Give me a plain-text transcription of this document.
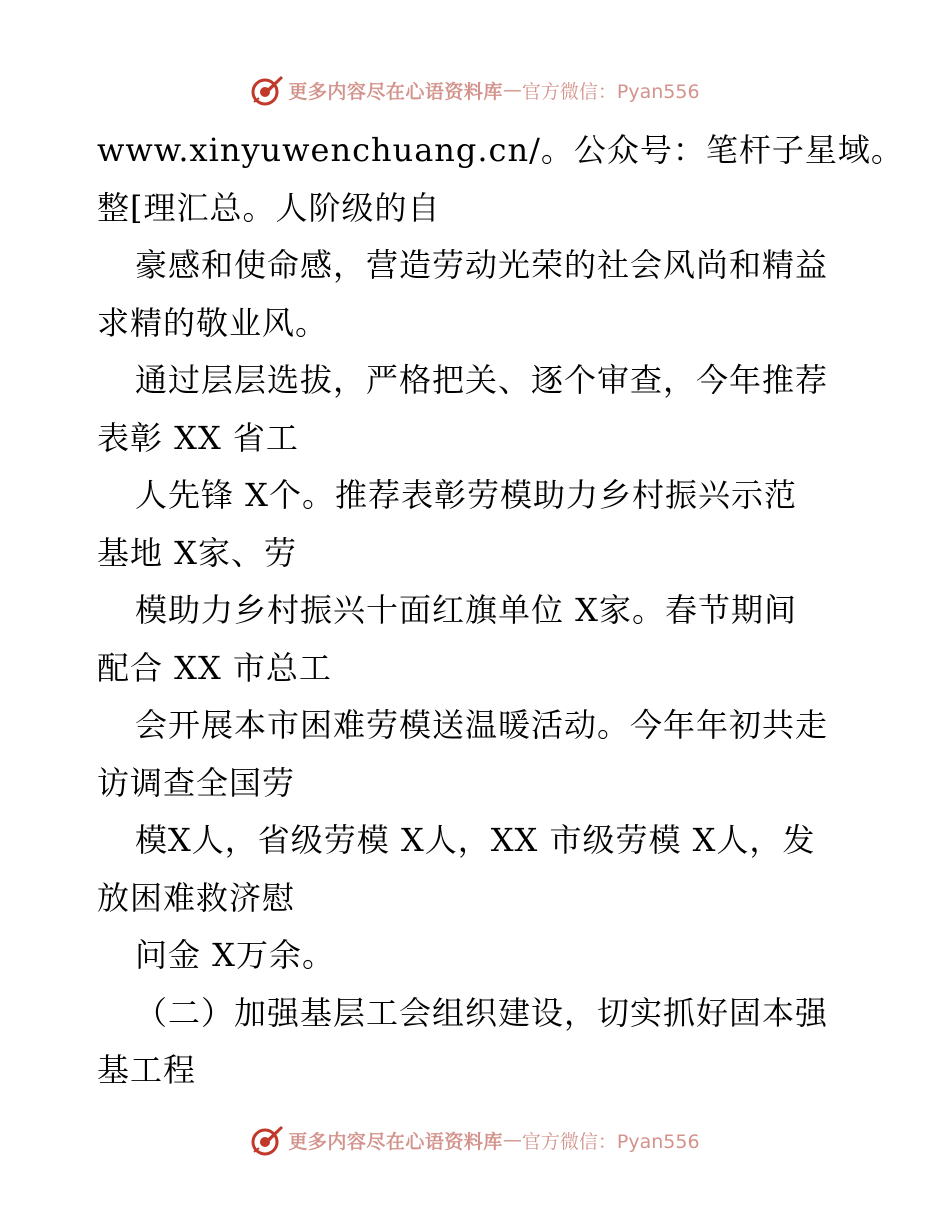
更多内容尽在心语资料库 — 官方微信：Pyan556
www.xinyuwenchuang.cn/。公众号：笔杆子星域。
整[理汇总。人阶级的自
豪感和使命感，营造劳动光荣的社会风尚和精益
求精的敬业风。
通过层层选拔，严格把关、逐个审查，今年推荐
表彰 XX 省工
人先锋 X个。推荐表彰劳模助力乡村振兴示范
基地 X家、劳
模助力乡村振兴十面红旗单位 X家。春节期间
配合 XX 市总工
会开展本市困难劳模送温暖活动。今年年初共走
访调查全国劳
模X人，省级劳模 X人，XX 市级劳模 X人，发
放困难救济慰
问金 X万余。
（二）加强基层工会组织建设，切实抓好固本强
基工程
更多内容尽在心语资料库 — 官方微信：Pyan556
